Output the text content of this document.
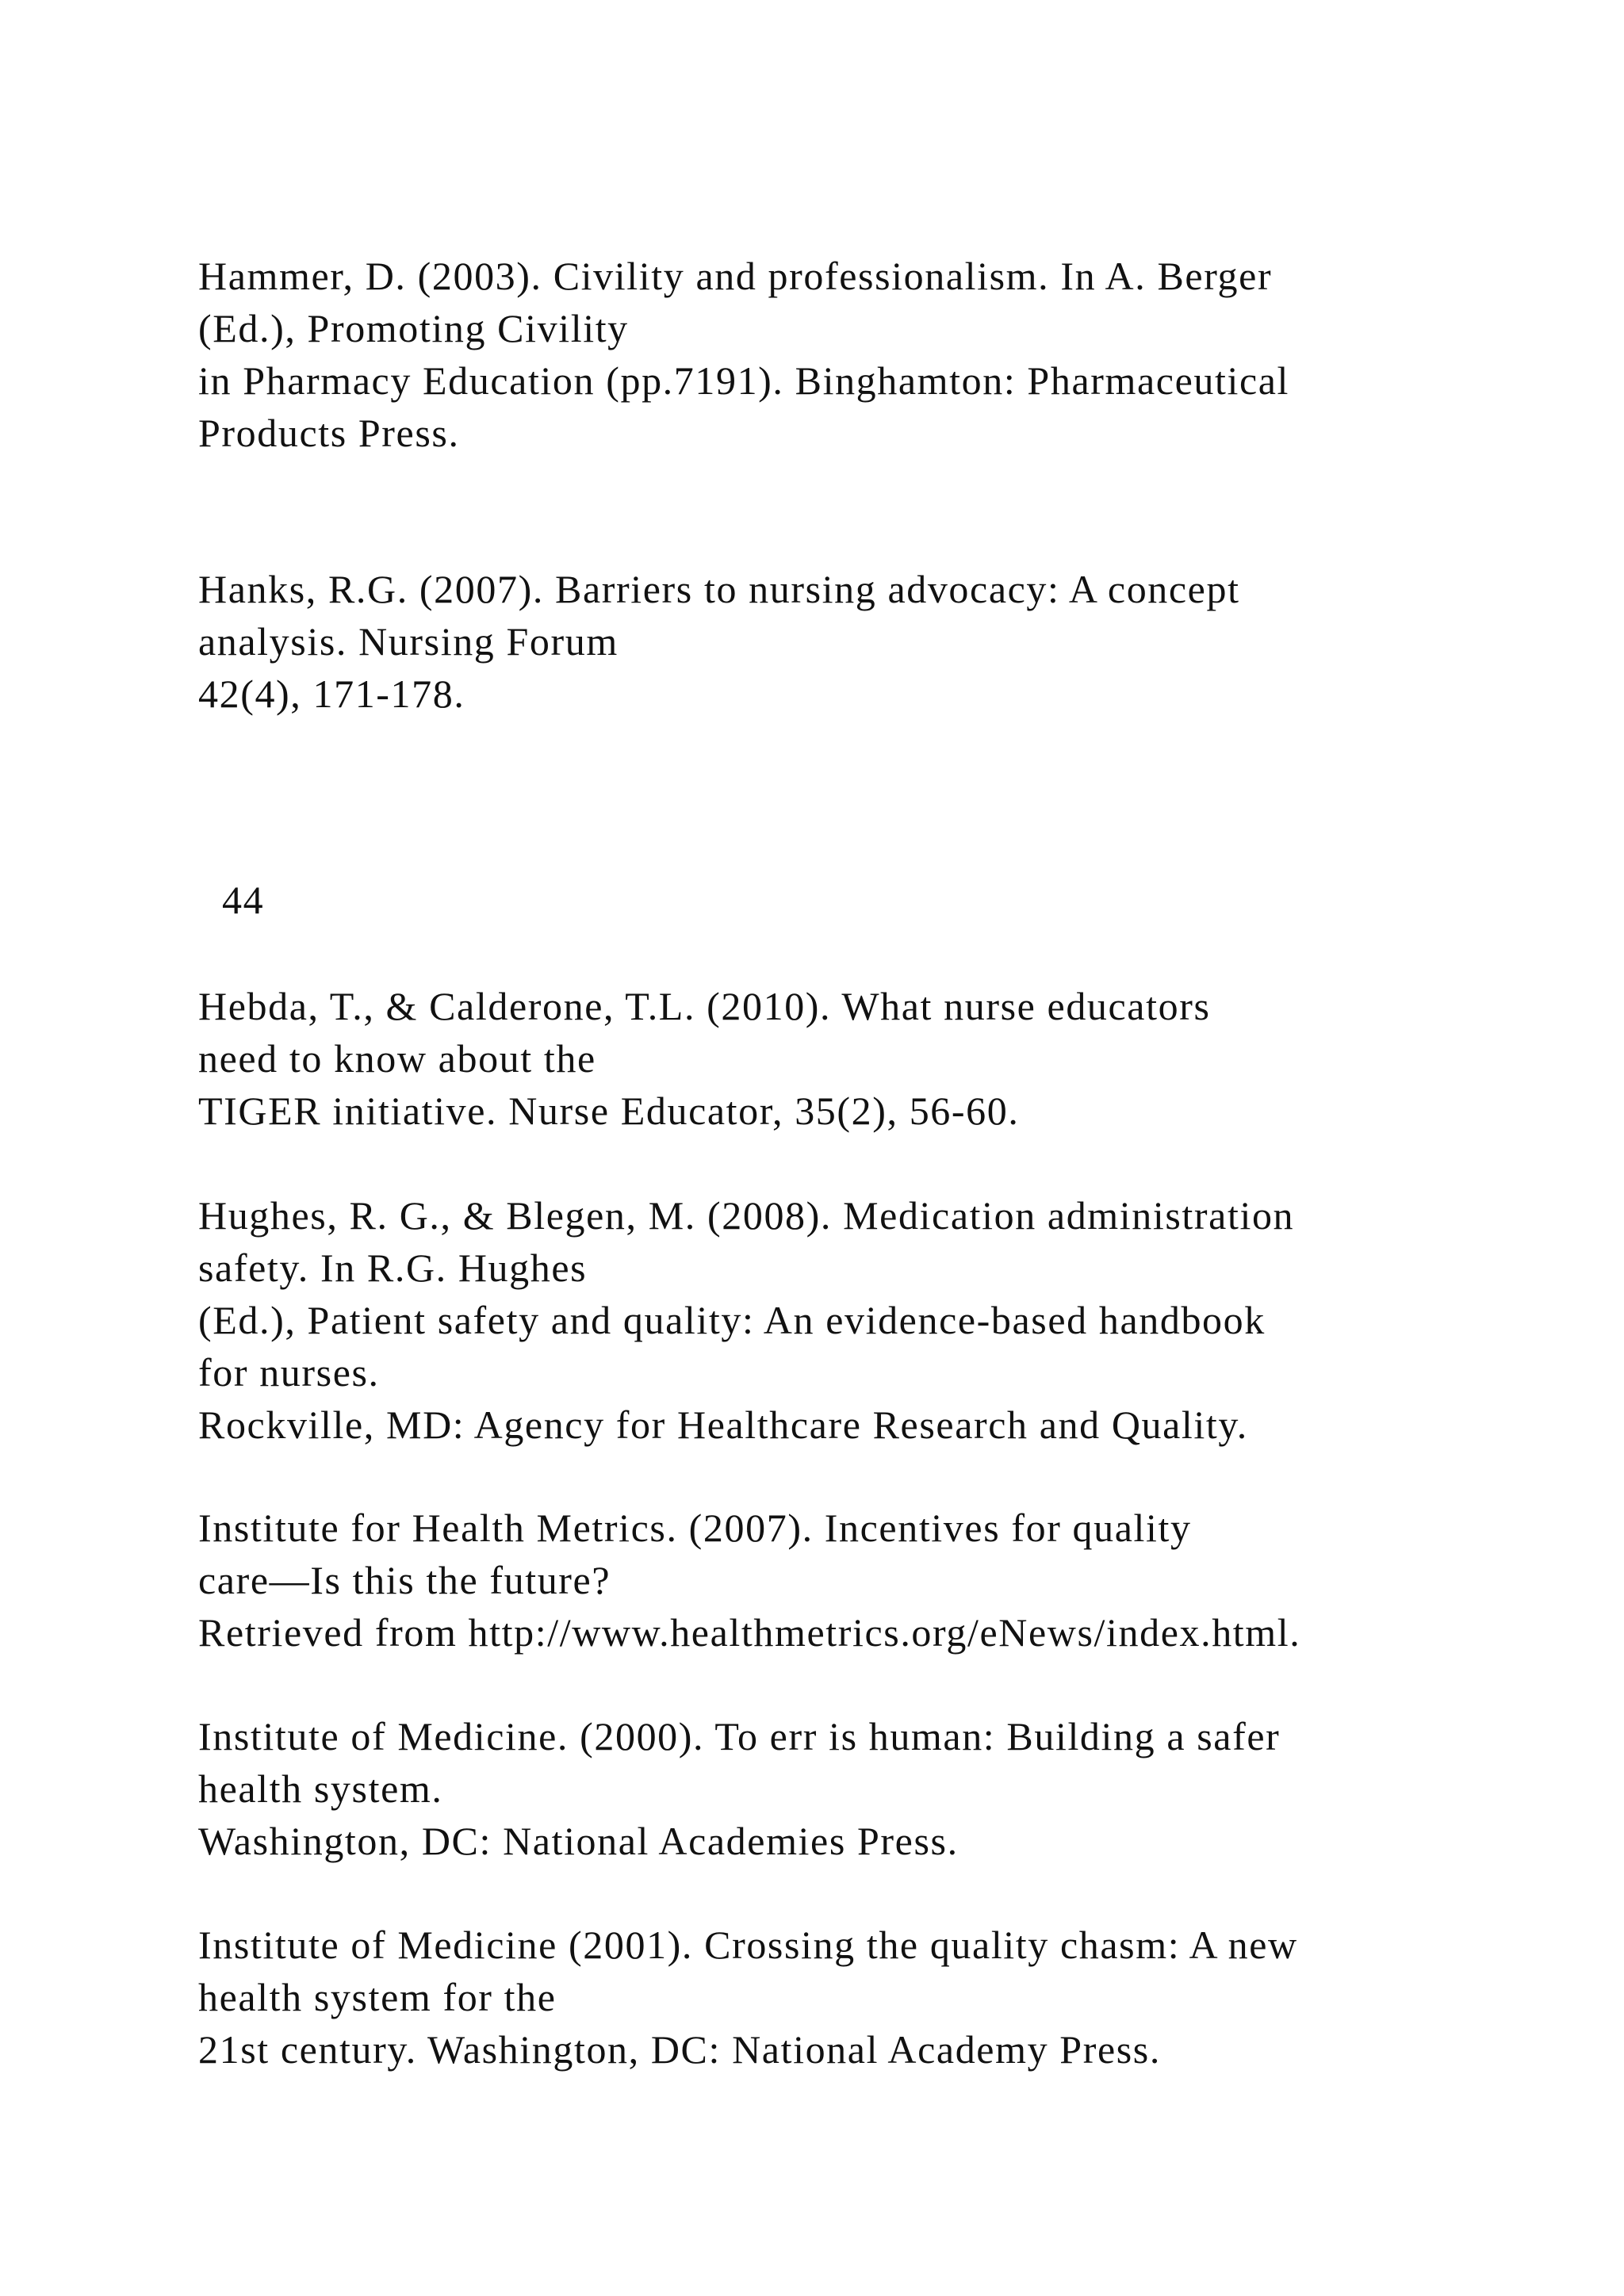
Hammer, D. (2003). Civility and professionalism. In A. Berger
(Ed.), Promoting Civility
in Pharmacy Education (pp.7191). Binghamton: Pharmaceutical
Products Press.
Hanks, R.G. (2007). Barriers to nursing advocacy: A concept
analysis. Nursing Forum
42(4), 171-178.
44
Hebda, T., & Calderone, T.L. (2010). What nurse educators
need to know about the
TIGER initiative. Nurse Educator, 35(2), 56-60.
Hughes, R. G., & Blegen, M. (2008). Medication administration
safety. In R.G. Hughes
(Ed.), Patient safety and quality: An evidence-based handbook
for nurses.
Rockville, MD: Agency for Healthcare Research and Quality.
Institute for Health Metrics. (2007). Incentives for quality
care—Is this the future?
Retrieved from http://www.healthmetrics.org/eNews/index.html.
Institute of Medicine. (2000). To err is human: Building a safer
health system.
Washington, DC: National Academies Press.
Institute of Medicine (2001). Crossing the quality chasm: A new
health system for the
21st century. Washington, DC: National Academy Press.
